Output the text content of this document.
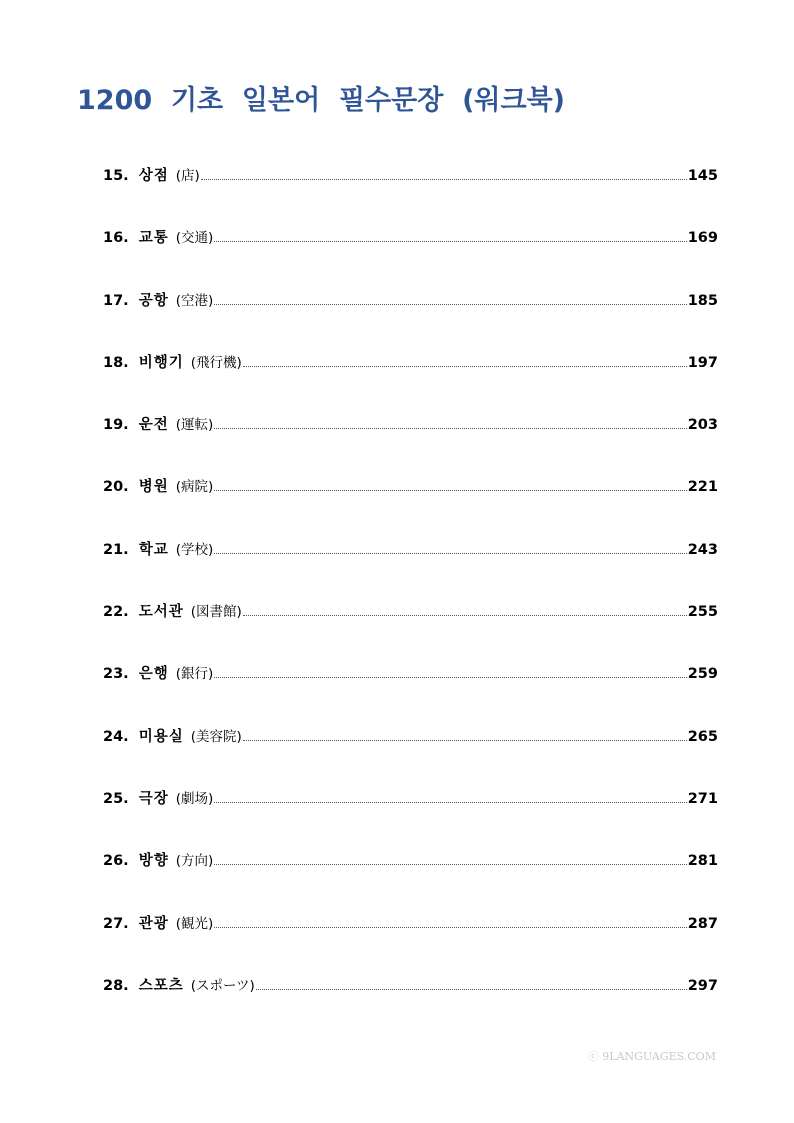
1200  기초  일본어  필수문장  (워크북)
15. 상점 (店)	145
16. 교통 (交通)	169
17. 공항 (空港)	185
18. 비행기 (飛行機)	197
19. 운전 (運転)	203
20. 병원 (病院)	221
21. 학교 (学校)	243
22. 도서관 (図書館)	255
23. 은행 (銀行)	259
24. 미용실 (美容院)	265
25. 극장 (劇场)	271
26. 방향 (方向)	281
27. 관광 (観光)	287
28. 스포츠 (スポーツ)	297
ⓒ 9LANGUAGES.COM
